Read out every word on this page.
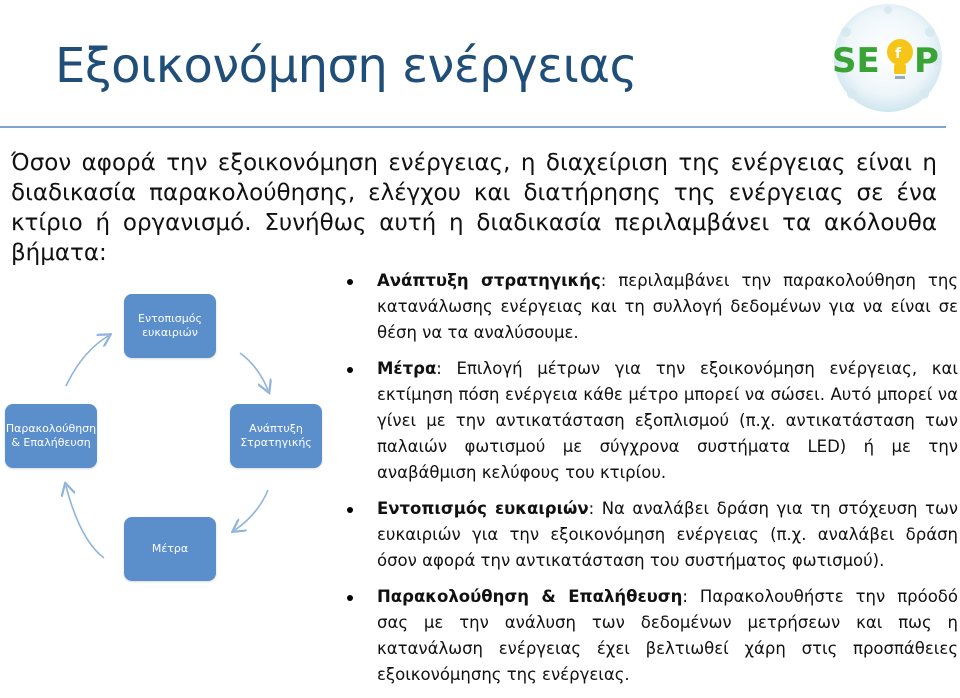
Εξοικονόμηση ενέργειας	SE f P
SEAP

Όσον αφορά την εξοικονόμηση ενέργειας, η διαχείριση της ενέργειας είναι η διαδικασία παρακολούθησης, ελέγχου και διατήρησης της ενέργειας σε ένα κτίριο ή οργανισμό. Συνήθως αυτή η διαδικασία περιλαμβάνει τα ακόλουθα βήματα:

Εντοπισμός ευκαιριών
Ανάπτυξη Στρατηγικής
Μέτρα
Παρακολούθηση & Επαλήθευση
Ανάπτυξη στρατηγικής: περιλαμβάνει την παρακολούθηση της κατανάλωσης ενέργειας και τη συλλογή δεδομένων για να είναι σε θέση να τα αναλύσουμε.
Μέτρα: Επιλογή μέτρων για την εξοικονόμηση ενέργειας, και εκτίμηση πόση ενέργεια κάθε μέτρο μπορεί να σώσει. Αυτό μπορεί να γίνει με την αντικατάσταση εξοπλισμού (π.χ. αντικατάσταση των παλαιών φωτισμού με σύγχρονα συστήματα LED) ή με την αναβάθμιση κελύφους του κτιρίου.
Εντοπισμός ευκαιριών: Να αναλάβει δράση για τη στόχευση των ευκαιριών για την εξοικονόμηση ενέργειας (π.χ. αναλάβει δράση όσον αφορά την αντικατάσταση του συστήματος φωτισμού).
Παρακολούθηση & Επαλήθευση: Παρακολουθήστε την πρόοδό σας με την ανάλυση των δεδομένων μετρήσεων και πως η κατανάλωση ενέργειας έχει βελτιωθεί χάρη στις προσπάθειες εξοικονόμησης της ενέργειας.
